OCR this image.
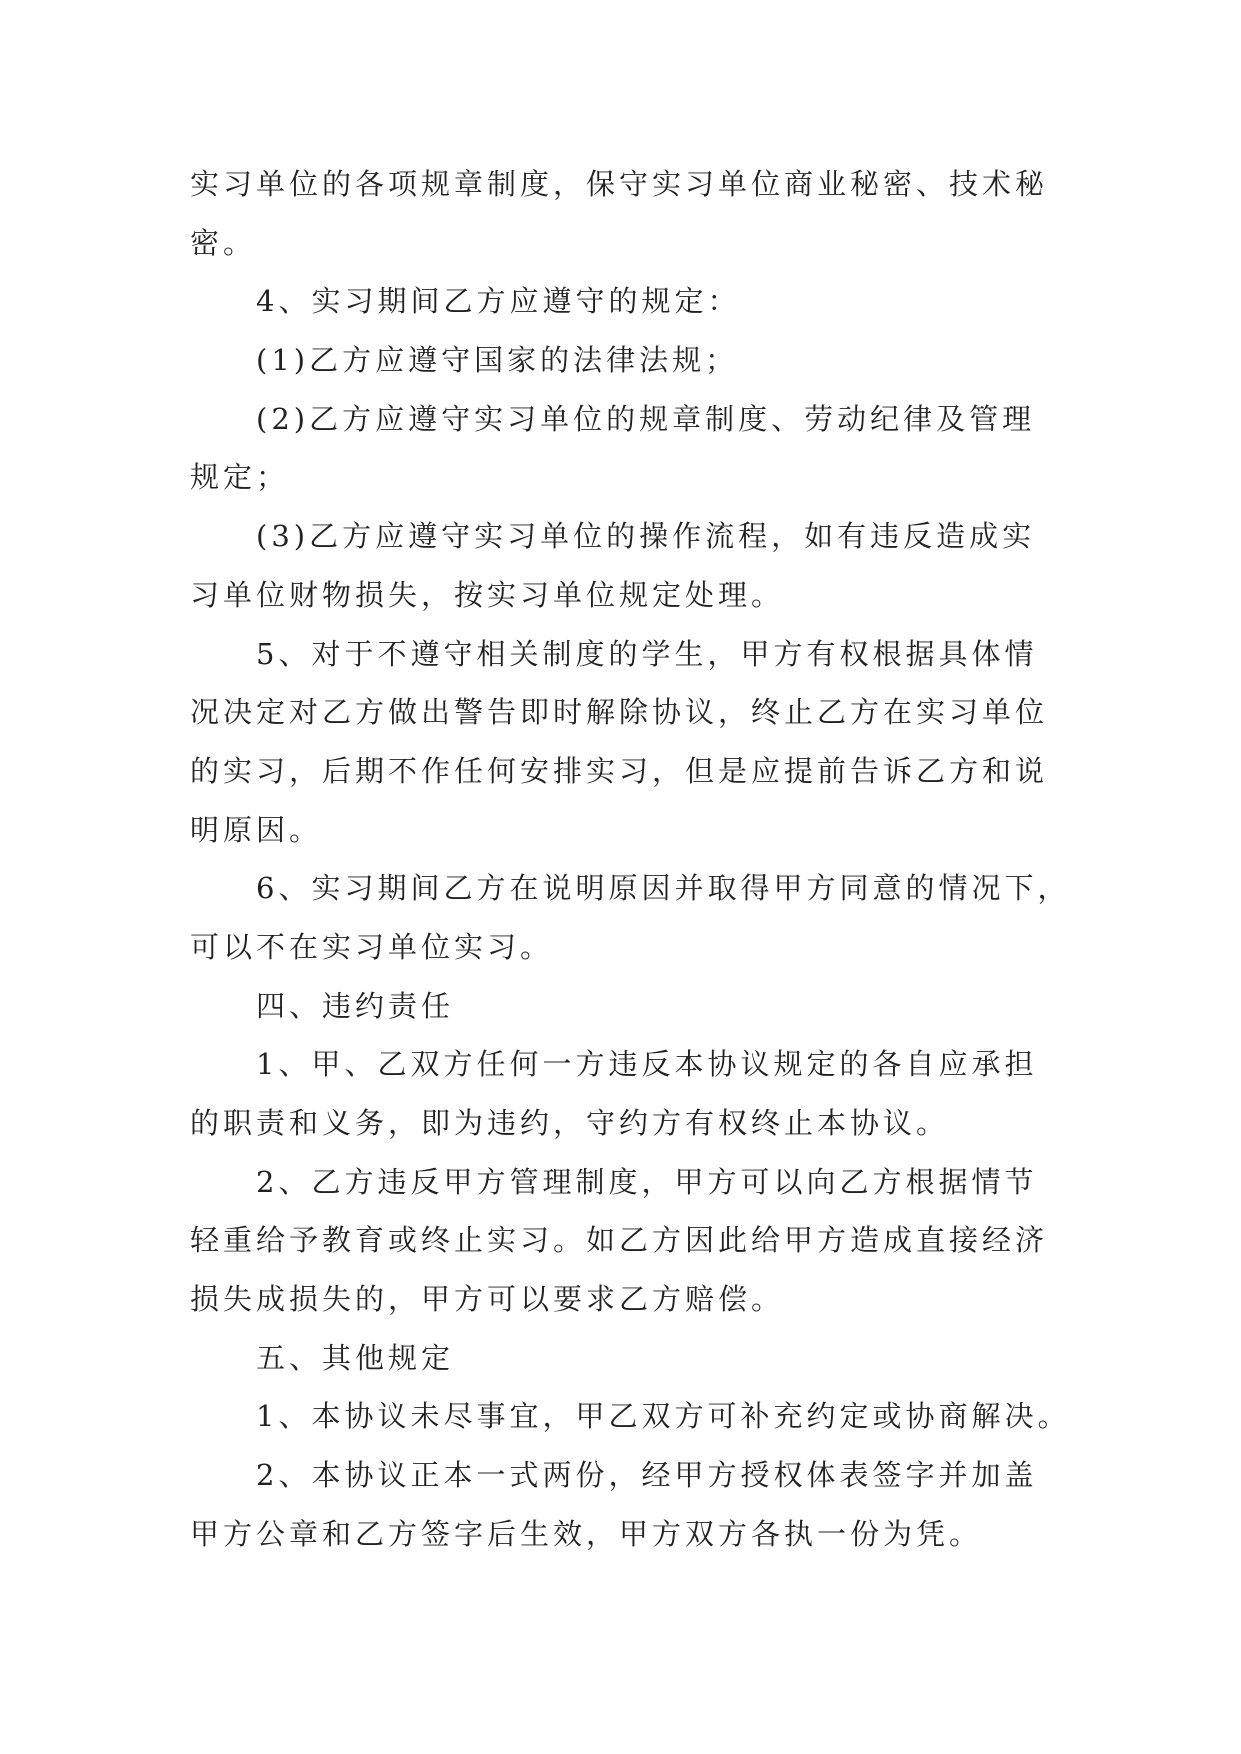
实习单位的各项规章制度，保守实习单位商业秘密、技术秘
密。
4、实习期间乙方应遵守的规定：
(1)乙方应遵守国家的法律法规；
(2)乙方应遵守实习单位的规章制度、劳动纪律及管理
规定；
(3)乙方应遵守实习单位的操作流程，如有违反造成实
习单位财物损失，按实习单位规定处理。
5、对于不遵守相关制度的学生，甲方有权根据具体情
况决定对乙方做出警告即时解除协议，终止乙方在实习单位
的实习，后期不作任何安排实习，但是应提前告诉乙方和说
明原因。
6、实习期间乙方在说明原因并取得甲方同意的情况下，
可以不在实习单位实习。
四、违约责任
1、甲、乙双方任何一方违反本协议规定的各自应承担
的职责和义务，即为违约，守约方有权终止本协议。
2、乙方违反甲方管理制度，甲方可以向乙方根据情节
轻重给予教育或终止实习。如乙方因此给甲方造成直接经济
损失成损失的，甲方可以要求乙方赔偿。
五、其他规定
1、本协议未尽事宜，甲乙双方可补充约定或协商解决。
2、本协议正本一式两份，经甲方授权体表签字并加盖
甲方公章和乙方签字后生效，甲方双方各执一份为凭。
